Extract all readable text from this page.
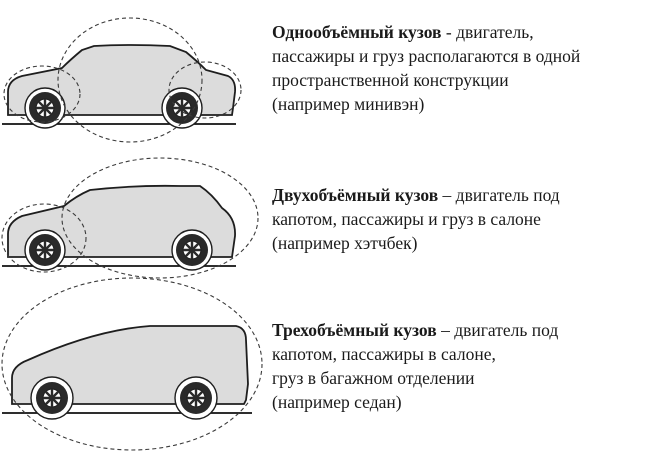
Однообъёмный кузов - двигатель,
пассажиры и груз располагаются в одной
пространственной конструкции
(например минивэн)
Двухобъёмный кузов – двигатель под
капотом, пассажиры и груз в салоне
(например хэтчбек)
Трехобъёмный кузов – двигатель под
капотом, пассажиры в салоне,
груз в багажном отделении
(например седан)
